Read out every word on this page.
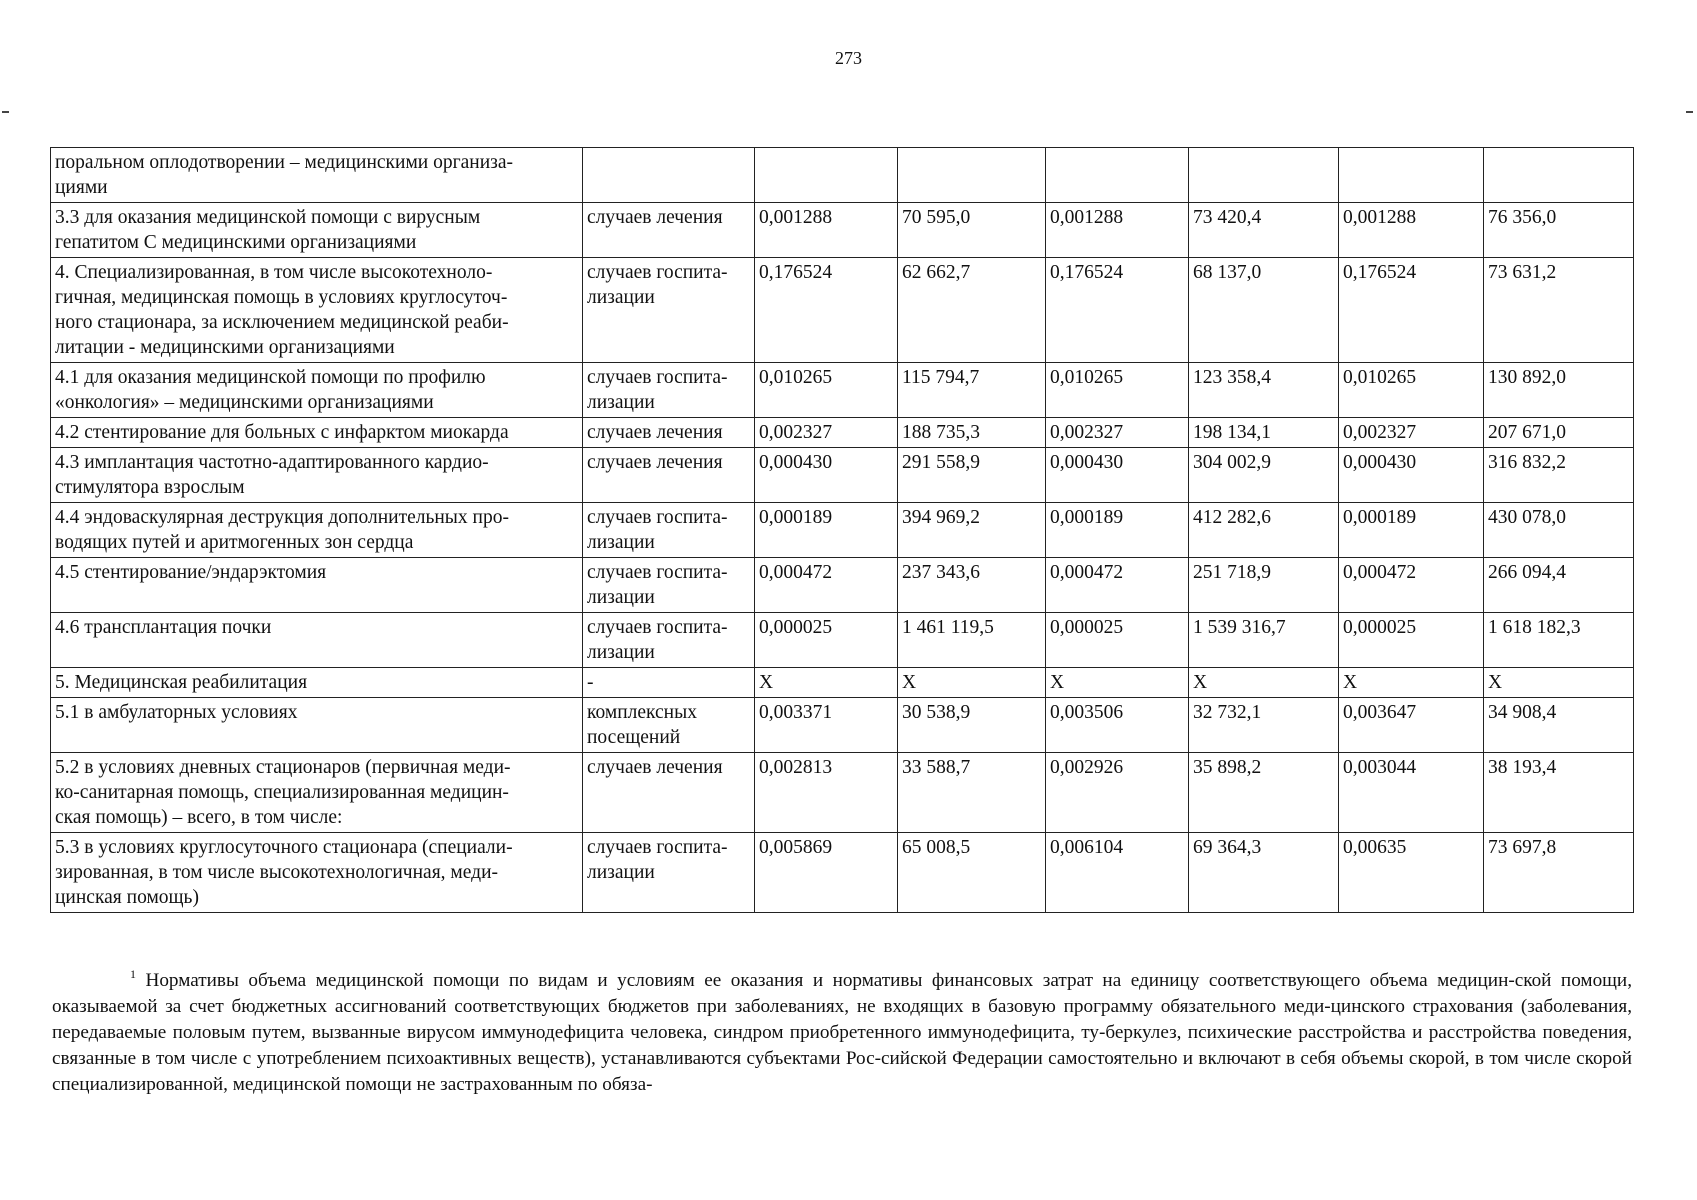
273
поральном оплодотворении – медицинскими организа-
циями							
3.3 для оказания медицинской помощи с вирусным
гепатитом С медицинскими организациями	случаев лечения	0,001288	70 595,0	0,001288	73 420,4	0,001288	76 356,0
4. Специализированная, в том числе высокотехноло-
гичная, медицинская помощь в условиях круглосуточ-
ного стационара, за исключением медицинской реаби-
литации - медицинскими организациями	случаев госпита-
лизации	0,176524	62 662,7	0,176524	68 137,0	0,176524	73 631,2
4.1 для оказания медицинской помощи по профилю
«онкология» – медицинскими организациями	случаев госпита-
лизации	0,010265	115 794,7	0,010265	123 358,4	0,010265	130 892,0
4.2 стентирование для больных с инфарктом миокарда	случаев лечения	0,002327	188 735,3	0,002327	198 134,1	0,002327	207 671,0
4.3 имплантация частотно-адаптированного кардио-
стимулятора взрослым	случаев лечения	0,000430	291 558,9	0,000430	304 002,9	0,000430	316 832,2
4.4 эндоваскулярная деструкция дополнительных про-
водящих путей и аритмогенных зон сердца	случаев госпита-
лизации	0,000189	394 969,2	0,000189	412 282,6	0,000189	430 078,0
4.5 стентирование/эндарэктомия	случаев госпита-
лизации	0,000472	237 343,6	0,000472	251 718,9	0,000472	266 094,4
4.6 трансплантация почки	случаев госпита-
лизации	0,000025	1 461 119,5	0,000025	1 539 316,7	0,000025	1 618 182,3
5. Медицинская реабилитация	-	X	X	X	X	X	X
5.1 в амбулаторных условиях	комплексных
посещений	0,003371	30 538,9	0,003506	32 732,1	0,003647	34 908,4
5.2 в условиях дневных стационаров (первичная меди-
ко-санитарная помощь, специализированная медицин-
ская помощь) – всего, в том числе:	случаев лечения	0,002813	33 588,7	0,002926	35 898,2	0,003044	38 193,4
5.3 в условиях круглосуточного стационара (специали-
зированная, в том числе высокотехнологичная, меди-
цинская помощь)	случаев госпита-
лизации	0,005869	65 008,5	0,006104	69 364,3	0,00635	73 697,8
$^1$ Нормативы объема медицинской помощи по видам и условиям ее оказания и нормативы финансовых затрат на единицу соответствующего объема медицин-ской помощи, оказываемой за счет бюджетных ассигнований соответствующих бюджетов при заболеваниях, не входящих в базовую программу обязательного меди-цинского страхования (заболевания, передаваемые половым путем, вызванные вирусом иммунодефицита человека, синдром приобретенного иммунодефицита, ту-беркулез, психические расстройства и расстройства поведения, связанные в том числе с употреблением психоактивных веществ), устанавливаются субъектами Рос-сийской Федерации самостоятельно и включают в себя объемы скорой, в том числе скорой специализированной, медицинской помощи не застрахованным по обяза-
